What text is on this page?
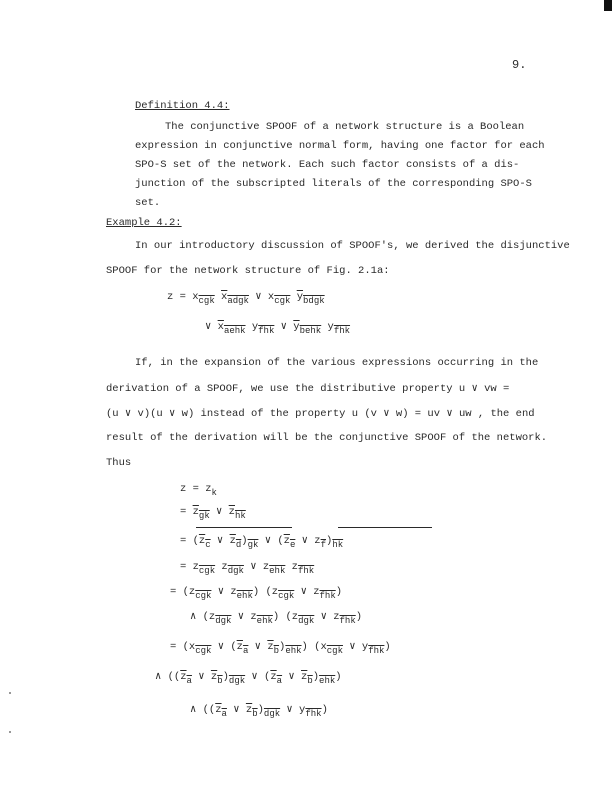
9.
Definition 4.4:
The conjunctive SPOOF of a network structure is a Boolean
expression in conjunctive normal form, having one factor for each
SPO-S set of the network. Each such factor consists of a dis-
junction of the subscripted literals of the corresponding SPO-S
set.
Example 4.2:
In our introductory discussion of SPOOF's, we derived the disjunctive
SPOOF for the network structure of Fig. 2.1a:
$z = x_{\overline{cgk}}$ $\overline{x}_{adgk}$ ∨ $x_{\overline{cgk}}$ $\overline{y}_{bdgk}$
∨ $\overline{x}_{aehk}$ $y_{\overline{fhk}}$ ∨ $\overline{y}_{behk}$ $y_{\overline{fhk}}$
If, in the expansion of the various expressions occurring in the
derivation of a SPOOF, we use the distributive property u ∨ vw =
(u ∨ v)(u ∨ w) instead of the property u (v ∨ w) = uv ∨ uw , the end
result of the derivation will be the conjunctive SPOOF of the network.
Thus
$z = z_k$
= $\overline{z}_{\overline{gk}}$ ∨ $\overline{z}_{\overline{hk}}$
= ($\overline{z}_{\overline{c}}$ ∨ $\overline{z}_{\overline{d}})_{\overline{gk}}$ ∨ ($\overline{z}_{\overline{e}}$ ∨ $z_{\overline{f}})_{\overline{hk}}$
= $z_{\overline{cgk}}$ $z_{\overline{dgk}}$ ∨ $z_{\overline{ehk}}$ $z_{\overline{fhk}}$
= ($z_{\overline{cgk}}$ ∨ $z_{\overline{ehk}}$) ($z_{\overline{cgk}}$ ∨ $z_{\overline{fhk}}$)
∧ ($z_{\overline{dgk}}$ ∨ $z_{\overline{ehk}}$) ($z_{\overline{dgk}}$ ∨ $z_{\overline{fhk}}$)
= ($x_{\overline{cgk}}$ ∨ ($\overline{z}_{\overline{a}}$ ∨ $\overline{z}_{\overline{b}})_{\overline{ehk}}$) ($x_{\overline{cgk}}$ ∨ $y_{\overline{fhk}}$)
∧ (($\overline{z}_{\overline{a}}$ ∨ $\overline{z}_{\overline{b}})_{\overline{dgk}}$ ∨ ($\overline{z}_{\overline{a}}$ ∨ $\overline{z}_{\overline{b}})_{\overline{ehk}}$)
∧ (($\overline{z}_{\overline{a}}$ ∨ $\overline{z}_{\overline{b}})_{\overline{dgk}}$ ∨ $y_{\overline{fhk}}$)
